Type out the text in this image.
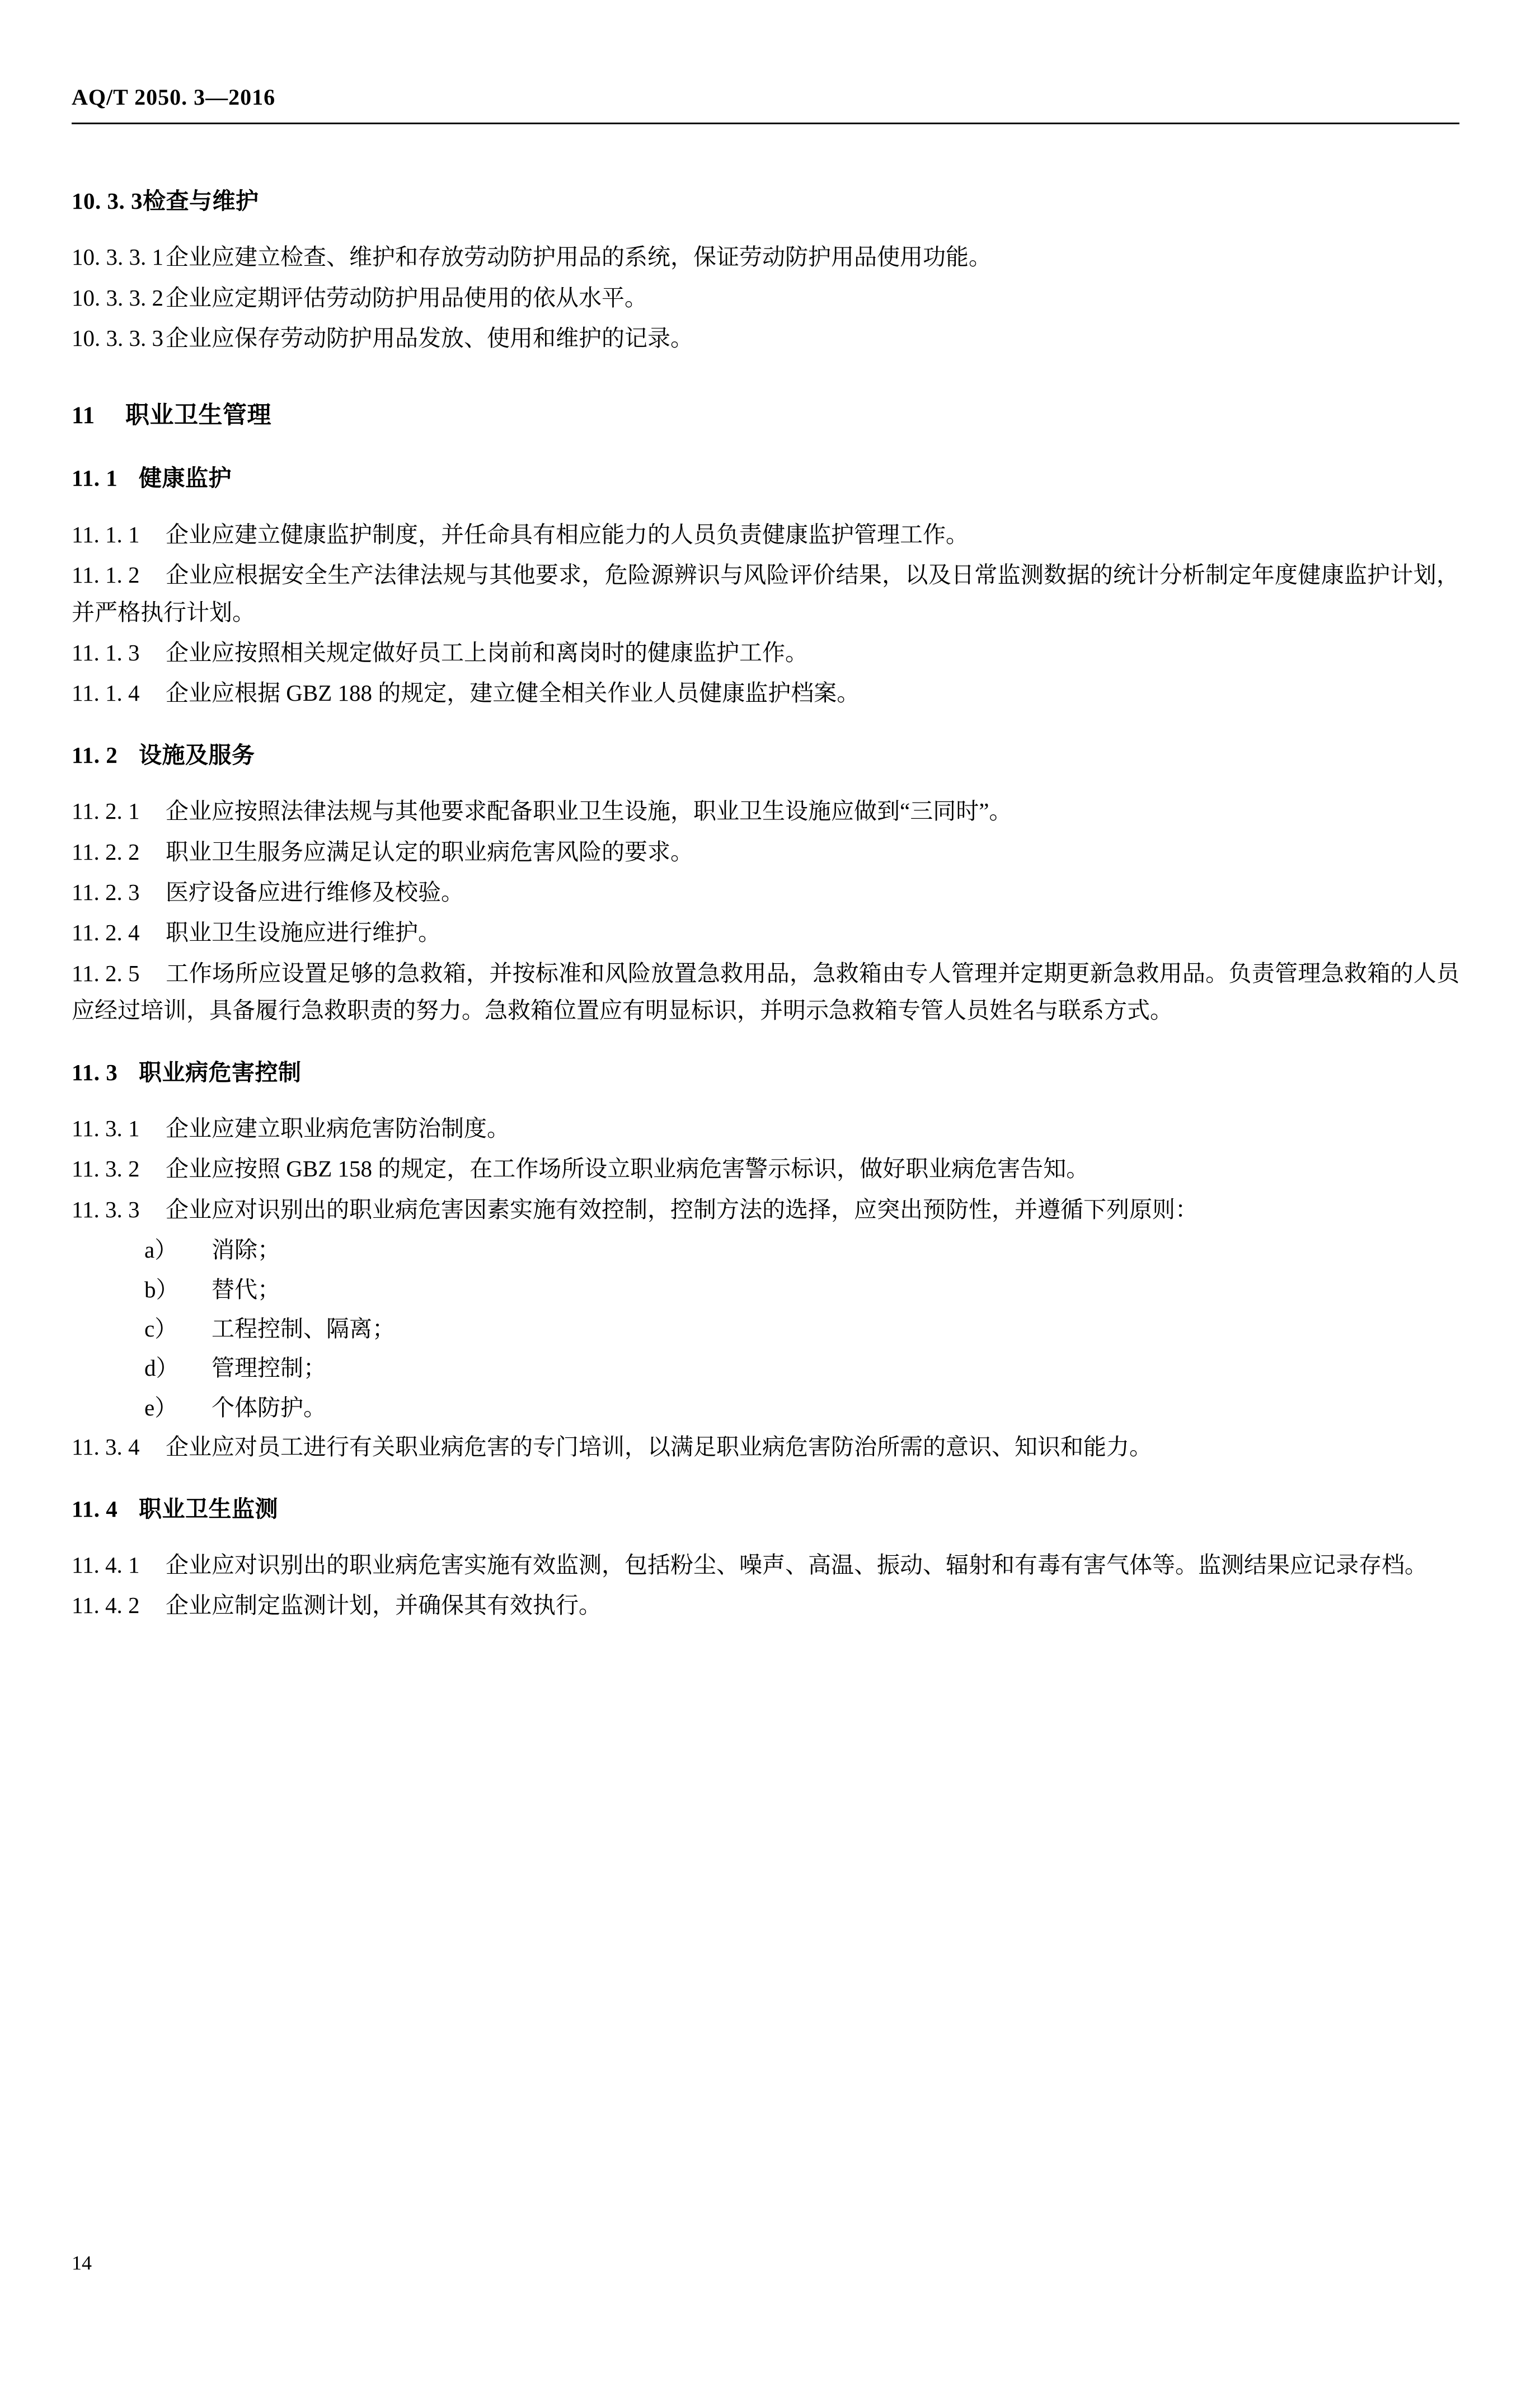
AQ/T 2050. 3—2016
10. 3. 3检查与维护
10. 3. 3. 1企业应建立检查、维护和存放劳动防护用品的系统，保证劳动防护用品使用功能。
10. 3. 3. 2企业应定期评估劳动防护用品使用的依从水平。
10. 3. 3. 3企业应保存劳动防护用品发放、使用和维护的记录。
11 职业卫生管理
11. 1 健康监护
11. 1. 1 企业应建立健康监护制度，并任命具有相应能力的人员负责健康监护管理工作。
11. 1. 2 企业应根据安全生产法律法规与其他要求，危险源辨识与风险评价结果，以及日常监测数据的统计分析制定年度健康监护计划，并严格执行计划。
11. 1. 3 企业应按照相关规定做好员工上岗前和离岗时的健康监护工作。
11. 1. 4 企业应根据 GBZ 188 的规定，建立健全相关作业人员健康监护档案。
11. 2 设施及服务
11. 2. 1 企业应按照法律法规与其他要求配备职业卫生设施，职业卫生设施应做到“三同时”。
11. 2. 2 职业卫生服务应满足认定的职业病危害风险的要求。
11. 2. 3 医疗设备应进行维修及校验。
11. 2. 4 职业卫生设施应进行维护。
11. 2. 5 工作场所应设置足够的急救箱，并按标准和风险放置急救用品，急救箱由专人管理并定期更新急救用品。负责管理急救箱的人员应经过培训，具备履行急救职责的努力。急救箱位置应有明显标识，并明示急救箱专管人员姓名与联系方式。
11. 3 职业病危害控制
11. 3. 1 企业应建立职业病危害防治制度。
11. 3. 2 企业应按照 GBZ 158 的规定，在工作场所设立职业病危害警示标识，做好职业病危害告知。
11. 3. 3 企业应对识别出的职业病危害因素实施有效控制，控制方法的选择，应突出预防性，并遵循下列原则：
a）	消除；
b）	替代；
c）	工程控制、隔离；
d）	管理控制；
e）	个体防护。
11. 3. 4 企业应对员工进行有关职业病危害的专门培训，以满足职业病危害防治所需的意识、知识和能力。
11. 4 职业卫生监测
11. 4. 1 企业应对识别出的职业病危害实施有效监测，包括粉尘、噪声、高温、振动、辐射和有毒有害气体等。监测结果应记录存档。
11. 4. 2 企业应制定监测计划，并确保其有效执行。
14
